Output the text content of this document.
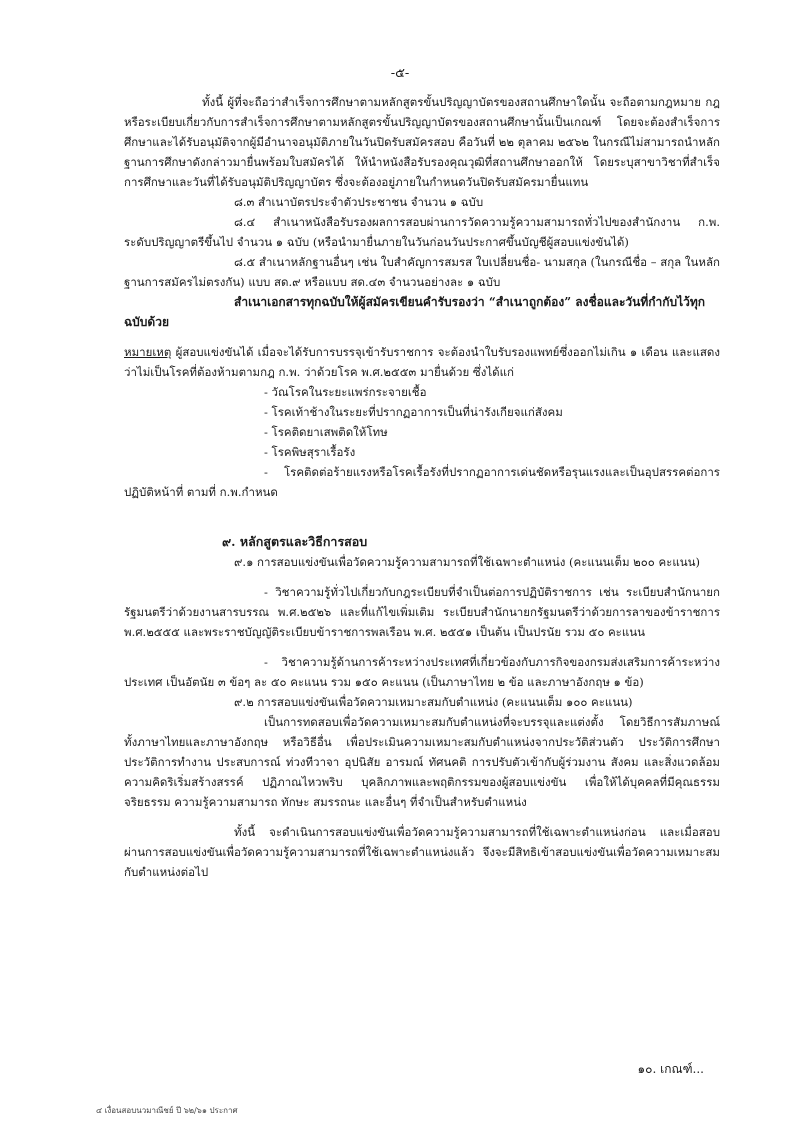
-๕-

ทั้งนี้ ผู้ที่จะถือว่าสำเร็จการศึกษาตามหลักสูตรขั้นปริญญาบัตรของสถานศึกษาใดนั้น จะถือตามกฎหมาย กฎ หรือระเบียบเกี่ยวกับการสำเร็จการศึกษาตามหลักสูตรขั้นปริญญาบัตรของสถานศึกษานั้นเป็นเกณฑ์ โดยจะต้องสำเร็จการศึกษาและได้รับอนุมัติจากผู้มีอำนาจอนุมัติภายในวันปิดรับสมัครสอบ คือวันที่ ๒๒ ตุลาคม ๒๕๖๒ ในกรณีไม่สามารถนำหลักฐานการศึกษาดังกล่าวมายื่นพร้อมใบสมัครได้ ให้นำหนังสือรับรองคุณวุฒิที่สถานศึกษาออกให้ โดยระบุสาขาวิชาที่สำเร็จการศึกษาและวันที่ได้รับอนุมัติปริญญาบัตร ซึ่งจะต้องอยู่ภายในกำหนดวันปิดรับสมัครมายื่นแทน

๘.๓ สำเนาบัตรประจำตัวประชาชน จำนวน ๑ ฉบับ

๘.๔ สำเนาหนังสือรับรองผลการสอบผ่านการวัดความรู้ความสามารถทั่วไปของสำนักงาน ก.พ. ระดับปริญญาตรีขึ้นไป จำนวน ๑ ฉบับ (หรือนำมายื่นภายในวันก่อนวันประกาศขึ้นบัญชีผู้สอบแข่งขันได้)

๘.๕ สำเนาหลักฐานอื่นๆ เช่น ใบสำคัญการสมรส ใบเปลี่ยนชื่อ- นามสกุล (ในกรณีชื่อ – สกุล ในหลักฐานการสมัครไม่ตรงกัน) แบบ สด.๙ หรือแบบ สด.๔๓ จำนวนอย่างละ ๑ ฉบับ

สำเนาเอกสารทุกฉบับให้ผู้สมัครเขียนคำรับรองว่า “สำเนาถูกต้อง” ลงชื่อและวันที่กำกับไว้ทุกฉบับด้วย

หมายเหตุ ผู้สอบแข่งขันได้ เมื่อจะได้รับการบรรจุเข้ารับราชการ จะต้องนำใบรับรองแพทย์ซึ่งออกไม่เกิน ๑ เดือน และแสดงว่าไม่เป็นโรคที่ต้องห้ามตามกฎ ก.พ. ว่าด้วยโรค พ.ศ.๒๕๕๓ มายื่นด้วย ซึ่งได้แก่

- วัณโรคในระยะแพร่กระจายเชื้อ

- โรคเท้าช้างในระยะที่ปรากฏอาการเป็นที่น่ารังเกียจแก่สังคม

- โรคติดยาเสพติดให้โทษ

- โรคพิษสุราเรื้อรัง

- โรคติดต่อร้ายแรงหรือโรคเรื้อรังที่ปรากฏอาการเด่นชัดหรือรุนแรงและเป็นอุปสรรคต่อการปฏิบัติหน้าที่ ตามที่ ก.พ.กำหนด

๙. หลักสูตรและวิธีการสอบ

๙.๑ การสอบแข่งขันเพื่อวัดความรู้ความสามารถที่ใช้เฉพาะตำแหน่ง (คะแนนเต็ม ๒๐๐ คะแนน)

- วิชาความรู้ทั่วไปเกี่ยวกับกฎระเบียบที่จำเป็นต่อการปฏิบัติราชการ เช่น ระเบียบสำนักนายกรัฐมนตรีว่าด้วยงานสารบรรณ พ.ศ.๒๕๒๖ และที่แก้ไขเพิ่มเติม ระเบียบสำนักนายกรัฐมนตรีว่าด้วยการลาของข้าราชการ พ.ศ.๒๕๕๕ และพระราชบัญญัติระเบียบข้าราชการพลเรือน พ.ศ. ๒๕๕๑ เป็นต้น เป็นปรนัย รวม ๕๐ คะแนน

- วิชาความรู้ด้านการค้าระหว่างประเทศที่เกี่ยวข้องกับภารกิจของกรมส่งเสริมการค้าระหว่างประเทศ เป็นอัตนัย ๓ ข้อๆ ละ ๕๐ คะแนน รวม ๑๕๐ คะแนน (เป็นภาษาไทย ๒ ข้อ และภาษาอังกฤษ ๑ ข้อ)

๙.๒ การสอบแข่งขันเพื่อวัดความเหมาะสมกับตำแหน่ง (คะแนนเต็ม ๑๐๐ คะแนน)

เป็นการทดสอบเพื่อวัดความเหมาะสมกับตำแหน่งที่จะบรรจุและแต่งตั้ง โดยวิธีการสัมภาษณ์ทั้งภาษาไทยและภาษาอังกฤษ หรือวิธีอื่น เพื่อประเมินความเหมาะสมกับตำแหน่งจากประวัติส่วนตัว ประวัติการศึกษา ประวัติการทำงาน ประสบการณ์ ท่วงทีวาจา อุปนิสัย อารมณ์ ทัศนคติ การปรับตัวเข้ากับผู้ร่วมงาน สังคม และสิ่งแวดล้อม ความคิดริเริ่มสร้างสรรค์ ปฏิภาณไหวพริบ บุคลิกภาพและพฤติกรรมของผู้สอบแข่งขัน เพื่อให้ได้บุคคลที่มีคุณธรรม จริยธรรม ความรู้ความสามารถ ทักษะ สมรรถนะ และอื่นๆ ที่จำเป็นสำหรับตำแหน่ง

ทั้งนี้ จะดำเนินการสอบแข่งขันเพื่อวัดความรู้ความสามารถที่ใช้เฉพาะตำแหน่งก่อน และเมื่อสอบผ่านการสอบแข่งขันเพื่อวัดความรู้ความสามารถที่ใช้เฉพาะตำแหน่งแล้ว จึงจะมีสิทธิเข้าสอบแข่งขันเพื่อวัดความเหมาะสมกับตำแหน่งต่อไป

๑๐. เกณฑ์...
๔ เงื่อนสอบนวมาณีชย์ ปี ๖๒/๖๑ ประกาศ
